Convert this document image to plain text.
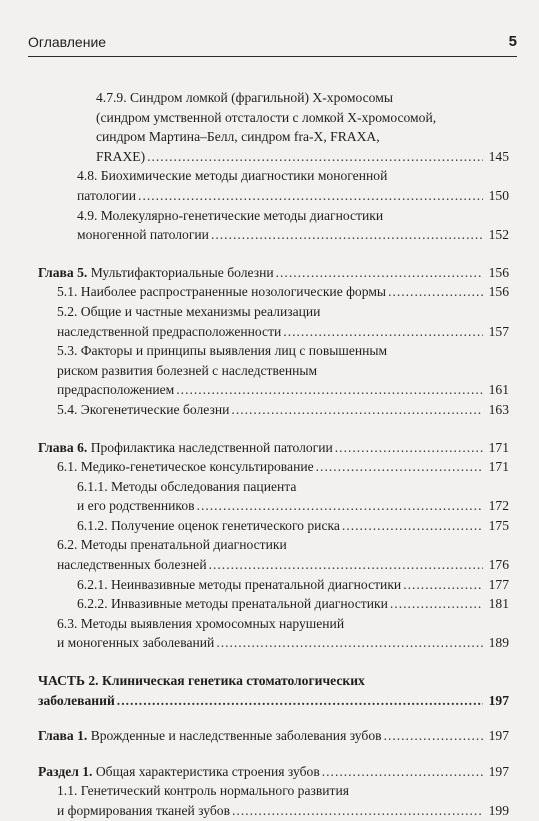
Оглавление	5
4.7.9. Синдром ломкой (фрагильной) X-хромосомы
(синдром умственной отсталости с ломкой X-хромосомой,
синдром Мартина–Белл, синдром fra-X, FRAXA,
FRAXE) .....	145
4.8. Биохимические методы диагностики моногенной
патологии .....	150
4.9. Молекулярно-генетические методы диагностики
моногенной патологии .....	152
Глава 5. Мультифакториальные болезни .....	156
5.1. Наиболее распространенные нозологические формы .....	156
5.2. Общие и частные механизмы реализации
наследственной предрасположенности .....	157
5.3. Факторы и принципы выявления лиц с повышенным
риском развития болезней с наследственным
предрасположением .....	161
5.4. Экогенетические болезни .....	163
Глава 6. Профилактика наследственной патологии .....	171
6.1. Медико-генетическое консультирование .....	171
6.1.1. Методы обследования пациента
и его родственников .....	172
6.1.2. Получение оценок генетического риска .....	175
6.2. Методы пренатальной диагностики
наследственных болезней .....	176
6.2.1. Неинвазивные методы пренатальной диагностики .....	177
6.2.2. Инвазивные методы пренатальной диагностики .....	181
6.3. Методы выявления хромосомных нарушений
и моногенных заболеваний .....	189
ЧАСТЬ 2. Клиническая генетика стоматологических
заболеваний .....	197
Глава 1. Врожденные и наследственные заболевания зубов .....	197
Раздел 1. Общая характеристика строения зубов .....	197
1.1. Генетический контроль нормального развития
и формирования тканей зубов .....	199
